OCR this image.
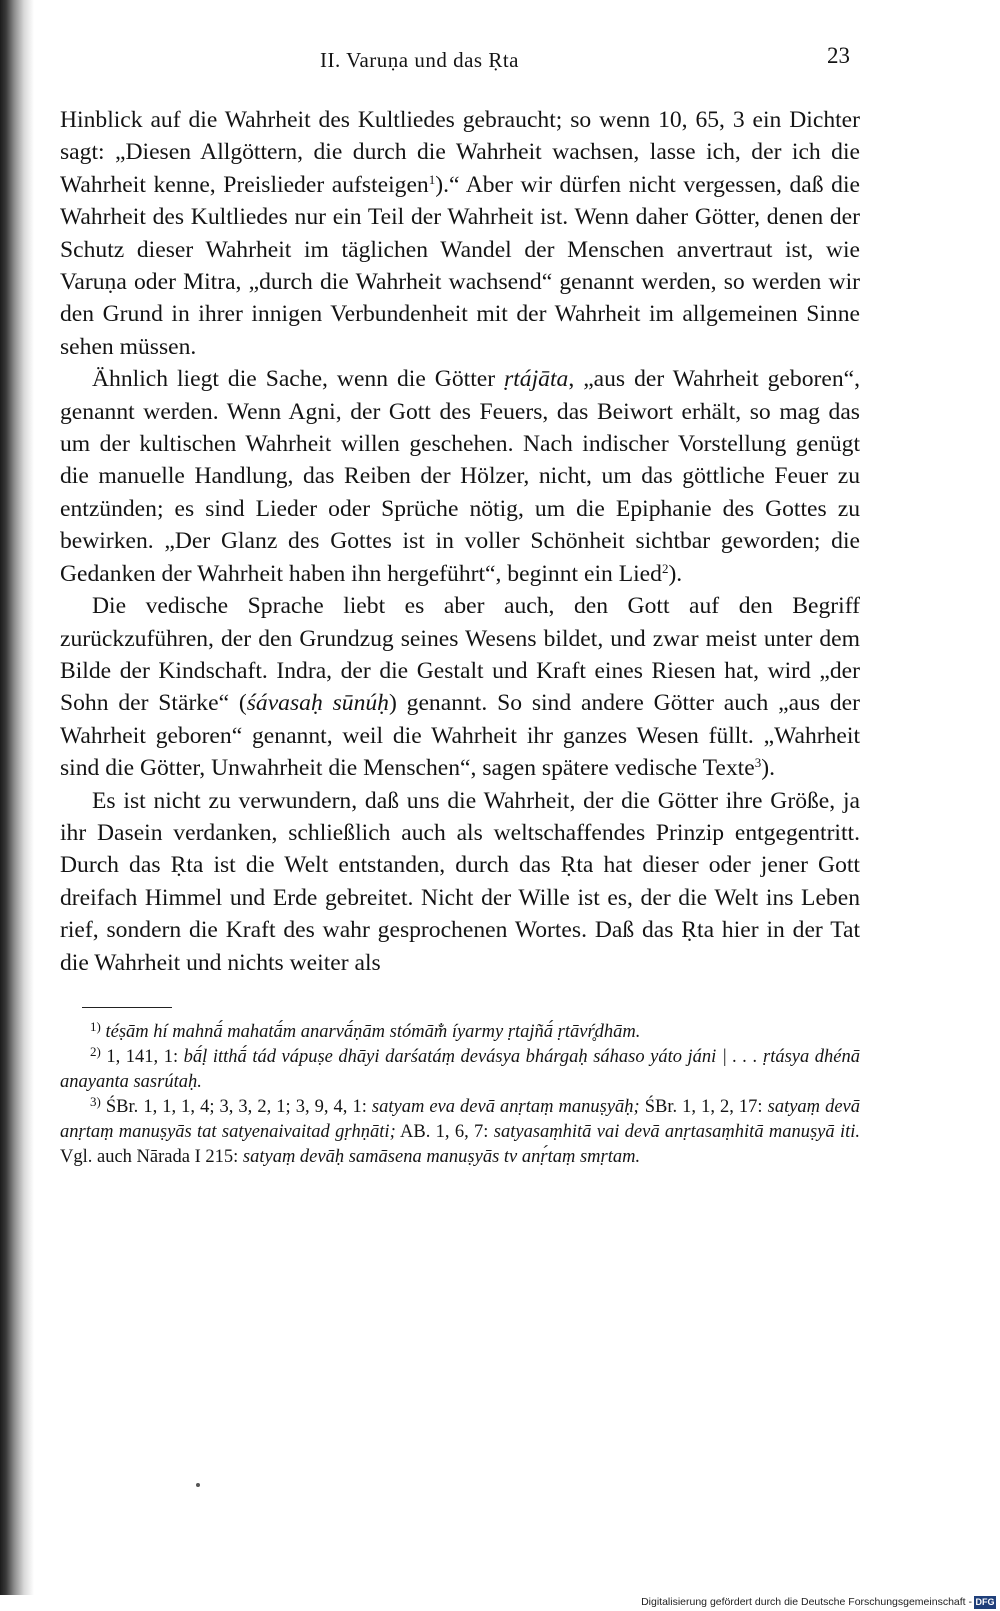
II. Varuṇa und das Ṛta	23

Hinblick auf die Wahrheit des Kultliedes gebraucht; so wenn 10, 65, 3 ein Dichter sagt: „Diesen Allgöttern, die durch die Wahrheit wachsen, lasse ich, der ich die Wahrheit kenne, Preislieder aufsteigen$^1$).“ Aber wir dürfen nicht vergessen, daß die Wahrheit des Kultliedes nur ein Teil der Wahrheit ist. Wenn daher Götter, denen der Schutz dieser Wahrheit im täglichen Wandel der Menschen anvertraut ist, wie Varuṇa oder Mitra, „durch die Wahrheit wachsend“ genannt werden, so werden wir den Grund in ihrer innigen Verbundenheit mit der Wahrheit im allgemeinen Sinne sehen müssen.

Ähnlich liegt die Sache, wenn die Götter ṛtájāta, „aus der Wahrheit geboren“, genannt werden. Wenn Agni, der Gott des Feuers, das Beiwort erhält, so mag das um der kultischen Wahrheit willen geschehen. Nach indischer Vorstellung genügt die manuelle Handlung, das Reiben der Hölzer, nicht, um das göttliche Feuer zu entzünden; es sind Lieder oder Sprüche nötig, um die Epiphanie des Gottes zu bewirken. „Der Glanz des Gottes ist in voller Schönheit sichtbar geworden; die Gedanken der Wahrheit haben ihn hergeführt“, beginnt ein Lied$^2$).

Die vedische Sprache liebt es aber auch, den Gott auf den Begriff zurückzuführen, der den Grundzug seines Wesens bildet, und zwar meist unter dem Bilde der Kindschaft. Indra, der die Gestalt und Kraft eines Riesen hat, wird „der Sohn der Stärke“ (śávasaḥ sūnúḥ) genannt. So sind andere Götter auch „aus der Wahrheit geboren“ genannt, weil die Wahrheit ihr ganzes Wesen füllt. „Wahrheit sind die Götter, Unwahrheit die Menschen“, sagen spätere vedische Texte$^3$).

Es ist nicht zu verwundern, daß uns die Wahrheit, der die Götter ihre Größe, ja ihr Dasein verdanken, schließlich auch als weltschaffendes Prinzip entgegentritt. Durch das Ṛta ist die Welt entstanden, durch das Ṛta hat dieser oder jener Gott dreifach Himmel und Erde gebreitet. Nicht der Wille ist es, der die Welt ins Leben rief, sondern die Kraft des wahr gesprochenen Wortes. Daß das Ṛta hier in der Tat die Wahrheit und nichts weiter als

$^{1)}$ téṣām hí mahnā́ mahatā́m anarvā́ṇām stómām̐ íyarmy ṛtajñā́ ṛtāvŕ̥dhām.

$^{2)}$ 1, 141, 1: bā́ḷ itthā́ tád vápuṣe dhāyi darśatáṃ devásya bhárgaḥ sáhaso yáto jáni | . . . ṛtásya dhénā anayanta sasrútaḥ.

$^{3)}$ ŚBr. 1, 1, 1, 4; 3, 3, 2, 1; 3, 9, 4, 1: satyam eva devā anṛtaṃ manuṣyāḥ; ŚBr. 1, 1, 2, 17: satyaṃ devā anṛtaṃ manuṣyās tat satyenaivaitad gṛhṇāti; AB. 1, 6, 7: satyasaṃhitā vai devā anṛtasaṃhitā manuṣyā iti. Vgl. auch Nārada I 215: satyaṃ devāḥ samāsena manuṣyās tv anṛ́taṃ smṛtam.

Digitalisierung gefördert durch die Deutsche Forschungsgemeinschaft - DFG
